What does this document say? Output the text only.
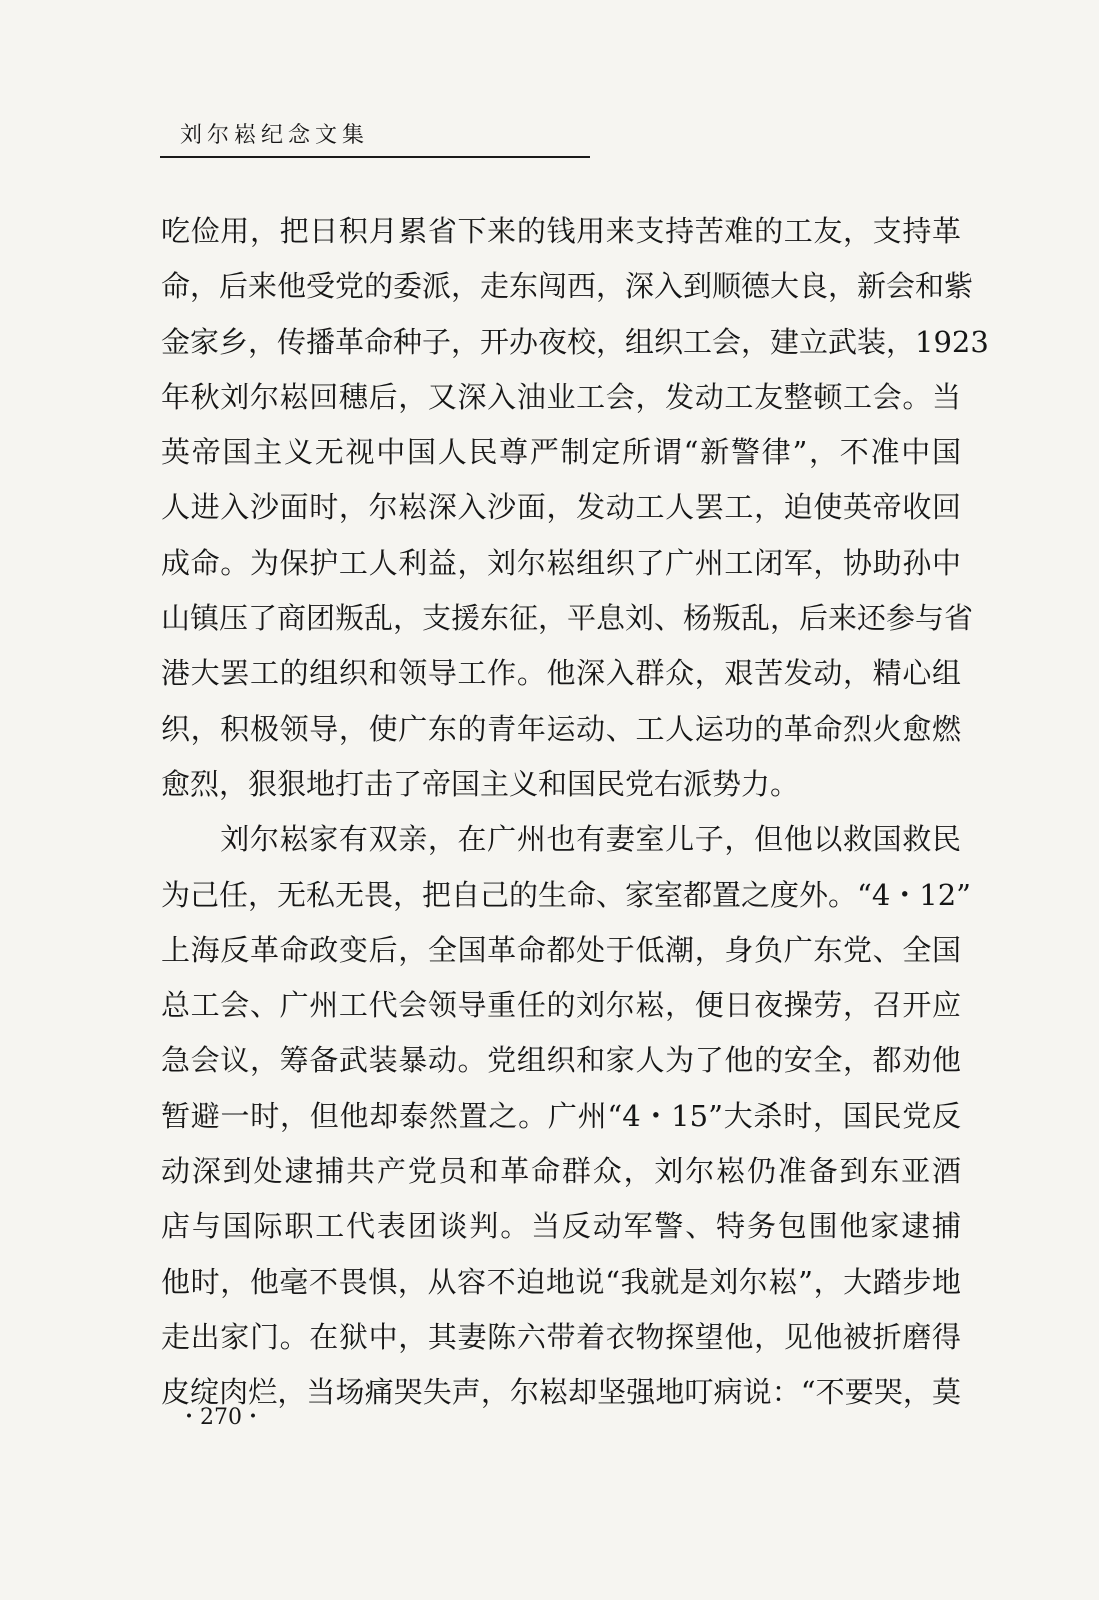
刘尔崧纪念文集
吃俭用，把日积月累省下来的钱用来支持苦难的工友，支持革
命，后来他受党的委派，走东闯西，深入到顺德大良，新会和紫
金家乡，传播革命种子，开办夜校，组织工会，建立武装，1923
年秋刘尔崧回穗后，又深入油业工会，发动工友整顿工会。当
英帝国主义无视中国人民尊严制定所谓“新警律”，不准中国
人进入沙面时，尔崧深入沙面，发动工人罢工，迫使英帝收回
成命。为保护工人利益，刘尔崧组织了广州工闭军，协助孙中
山镇压了商团叛乱，支援东征，平息刘、杨叛乱，后来还参与省
港大罢工的组织和领导工作。他深入群众，艰苦发动，精心组
织，积极领导，使广东的青年运动、工人运功的革命烈火愈燃
愈烈，狠狠地打击了帝国主义和国民党右派势力。
　　刘尔崧家有双亲，在广州也有妻室儿子，但他以救国救民
为己任，无私无畏，把自己的生命、家室都置之度外。“4・12”
上海反革命政变后，全国革命都处于低潮，身负广东党、全国
总工会、广州工代会领导重任的刘尔崧，便日夜操劳，召开应
急会议，筹备武装暴动。党组织和家人为了他的安全，都劝他
暂避一时，但他却泰然置之。广州“4・15”大杀时，国民党反
动深到处逮捕共产党员和革命群众，刘尔崧仍准备到东亚酒
店与国际职工代表团谈判。当反动军警、特务包围他家逮捕
他时，他毫不畏惧，从容不迫地说“我就是刘尔崧”，大踏步地
走出家门。在狱中，其妻陈六带着衣物探望他，见他被折磨得
皮绽肉烂，当场痛哭失声，尔崧却坚强地叮病说：“不要哭，莫
・270・
